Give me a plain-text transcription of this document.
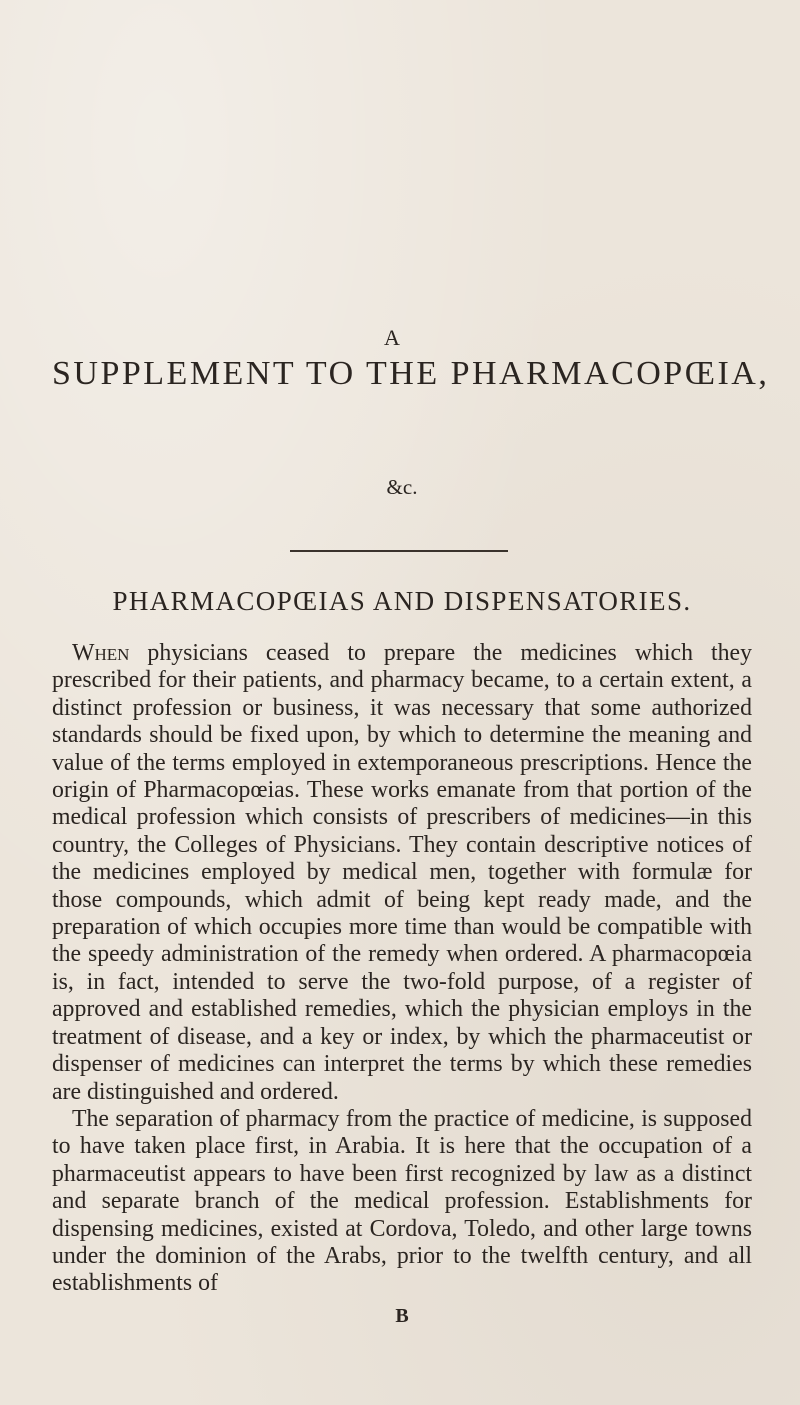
A
SUPPLEMENT TO THE PHARMACOPŒIA,
&c.
PHARMACOPŒIAS AND DISPENSATORIES.

When physicians ceased to prepare the medicines which they prescribed for their patients, and pharmacy became, to a certain extent, a distinct profession or business, it was necessary that some authorized standards should be fixed upon, by which to determine the meaning and value of the terms employed in extemporaneous prescriptions. Hence the origin of Pharmacopœias. These works emanate from that portion of the medical profession which consists of prescribers of medicines—in this country, the Colleges of Physicians. They contain descriptive notices of the medicines employed by medical men, together with formulæ for those compounds, which admit of being kept ready made, and the preparation of which occupies more time than would be compatible with the speedy administration of the remedy when ordered. A pharmacopœia is, in fact, intended to serve the two-fold purpose, of a register of approved and established remedies, which the physician employs in the treatment of disease, and a key or index, by which the pharmaceutist or dispenser of medicines can interpret the terms by which these remedies are distinguished and ordered.

The separation of pharmacy from the practice of medicine, is supposed to have taken place first, in Arabia. It is here that the occupation of a pharmaceutist appears to have been first recognized by law as a distinct and separate branch of the medical profession. Establishments for dispensing medicines, existed at Cordova, Toledo, and other large towns under the dominion of the Arabs, prior to the twelfth century, and all establishments of

B
